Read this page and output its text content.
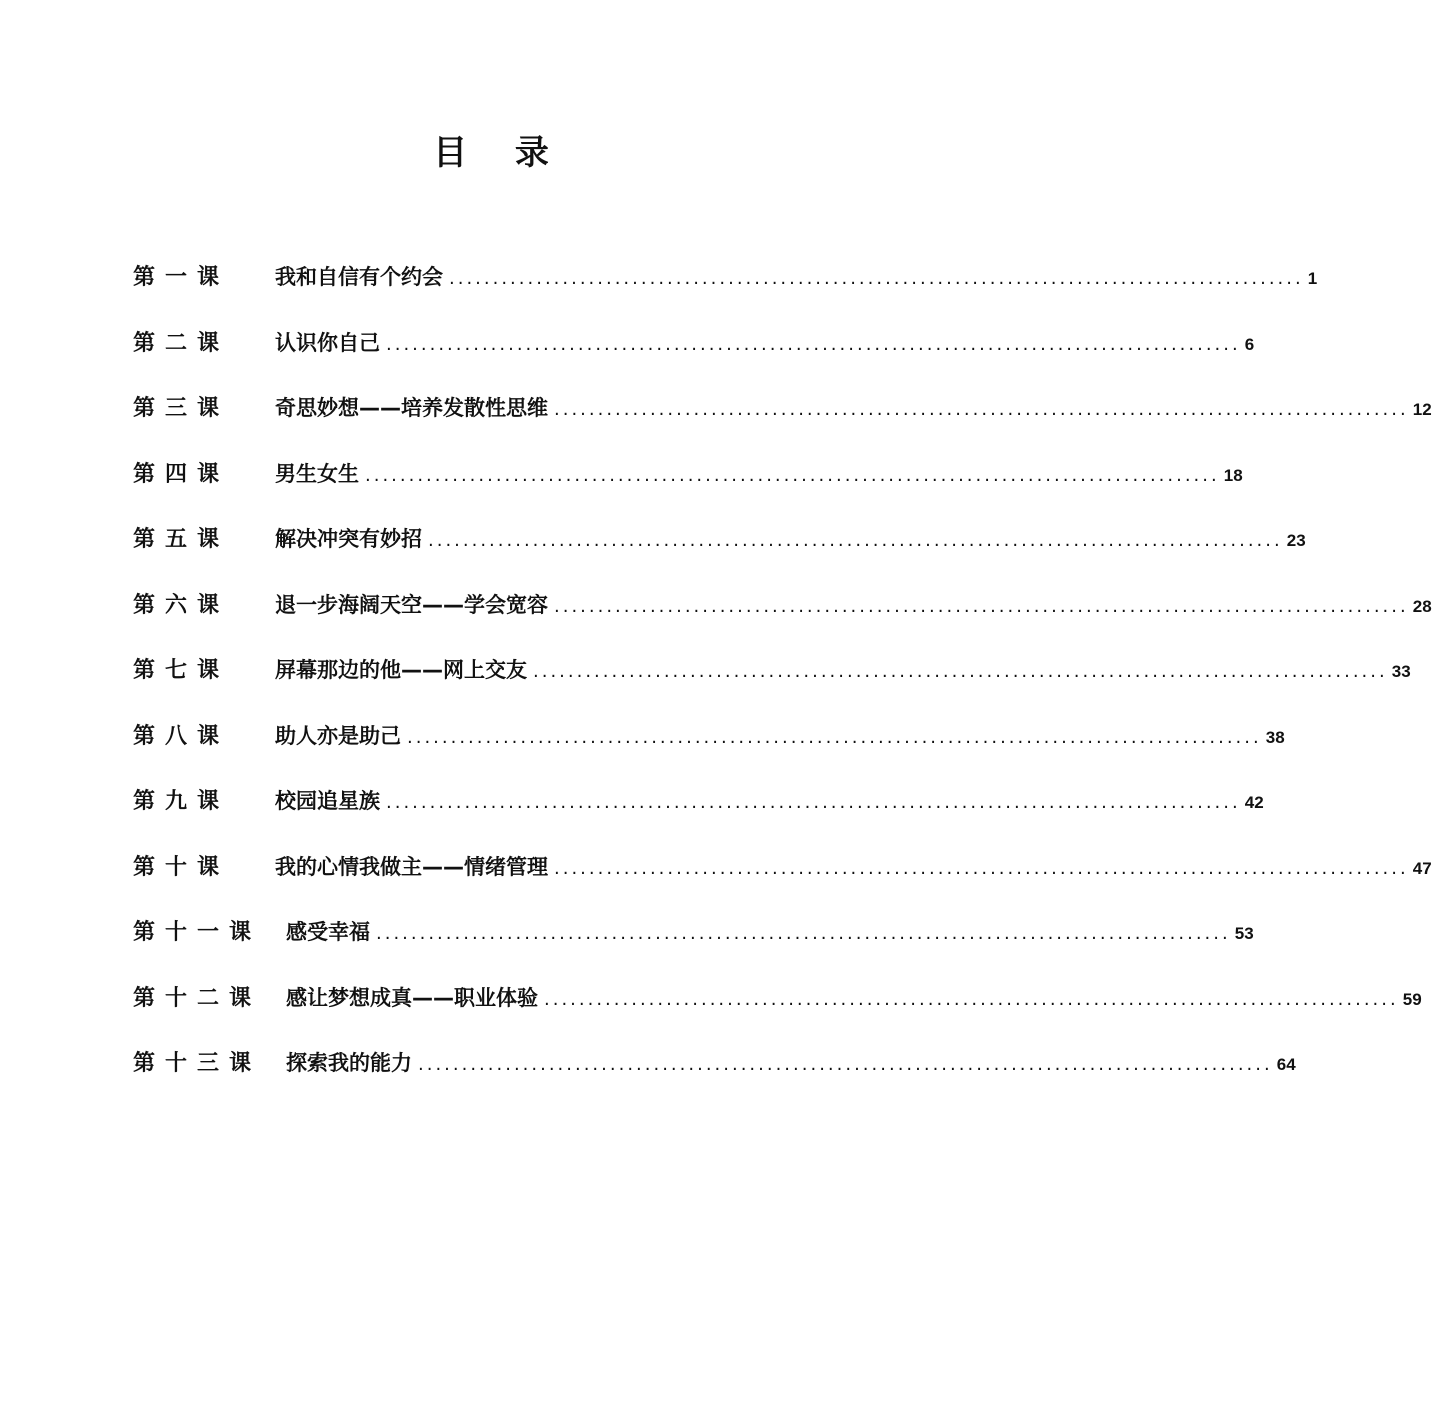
目 录
第一课	我和自信有个约会 .................................................................................................. 1
第二课	认识你自己 .................................................................................................. 6
第三课	奇思妙想——培养发散性思维 .................................................................................................. 12
第四课	男生女生 .................................................................................................. 18
第五课	解决冲突有妙招 .................................................................................................. 23
第六课	退一步海阔天空——学会宽容 .................................................................................................. 28
第七课	屏幕那边的他——网上交友 .................................................................................................. 33
第八课	助人亦是助己 .................................................................................................. 38
第九课	校园追星族 .................................................................................................. 42
第十课	我的心情我做主——情绪管理 .................................................................................................. 47
第十一课	感受幸福 .................................................................................................. 53
第十二课	感让梦想成真——职业体验 .................................................................................................. 59
第十三课	探索我的能力 .................................................................................................. 64
